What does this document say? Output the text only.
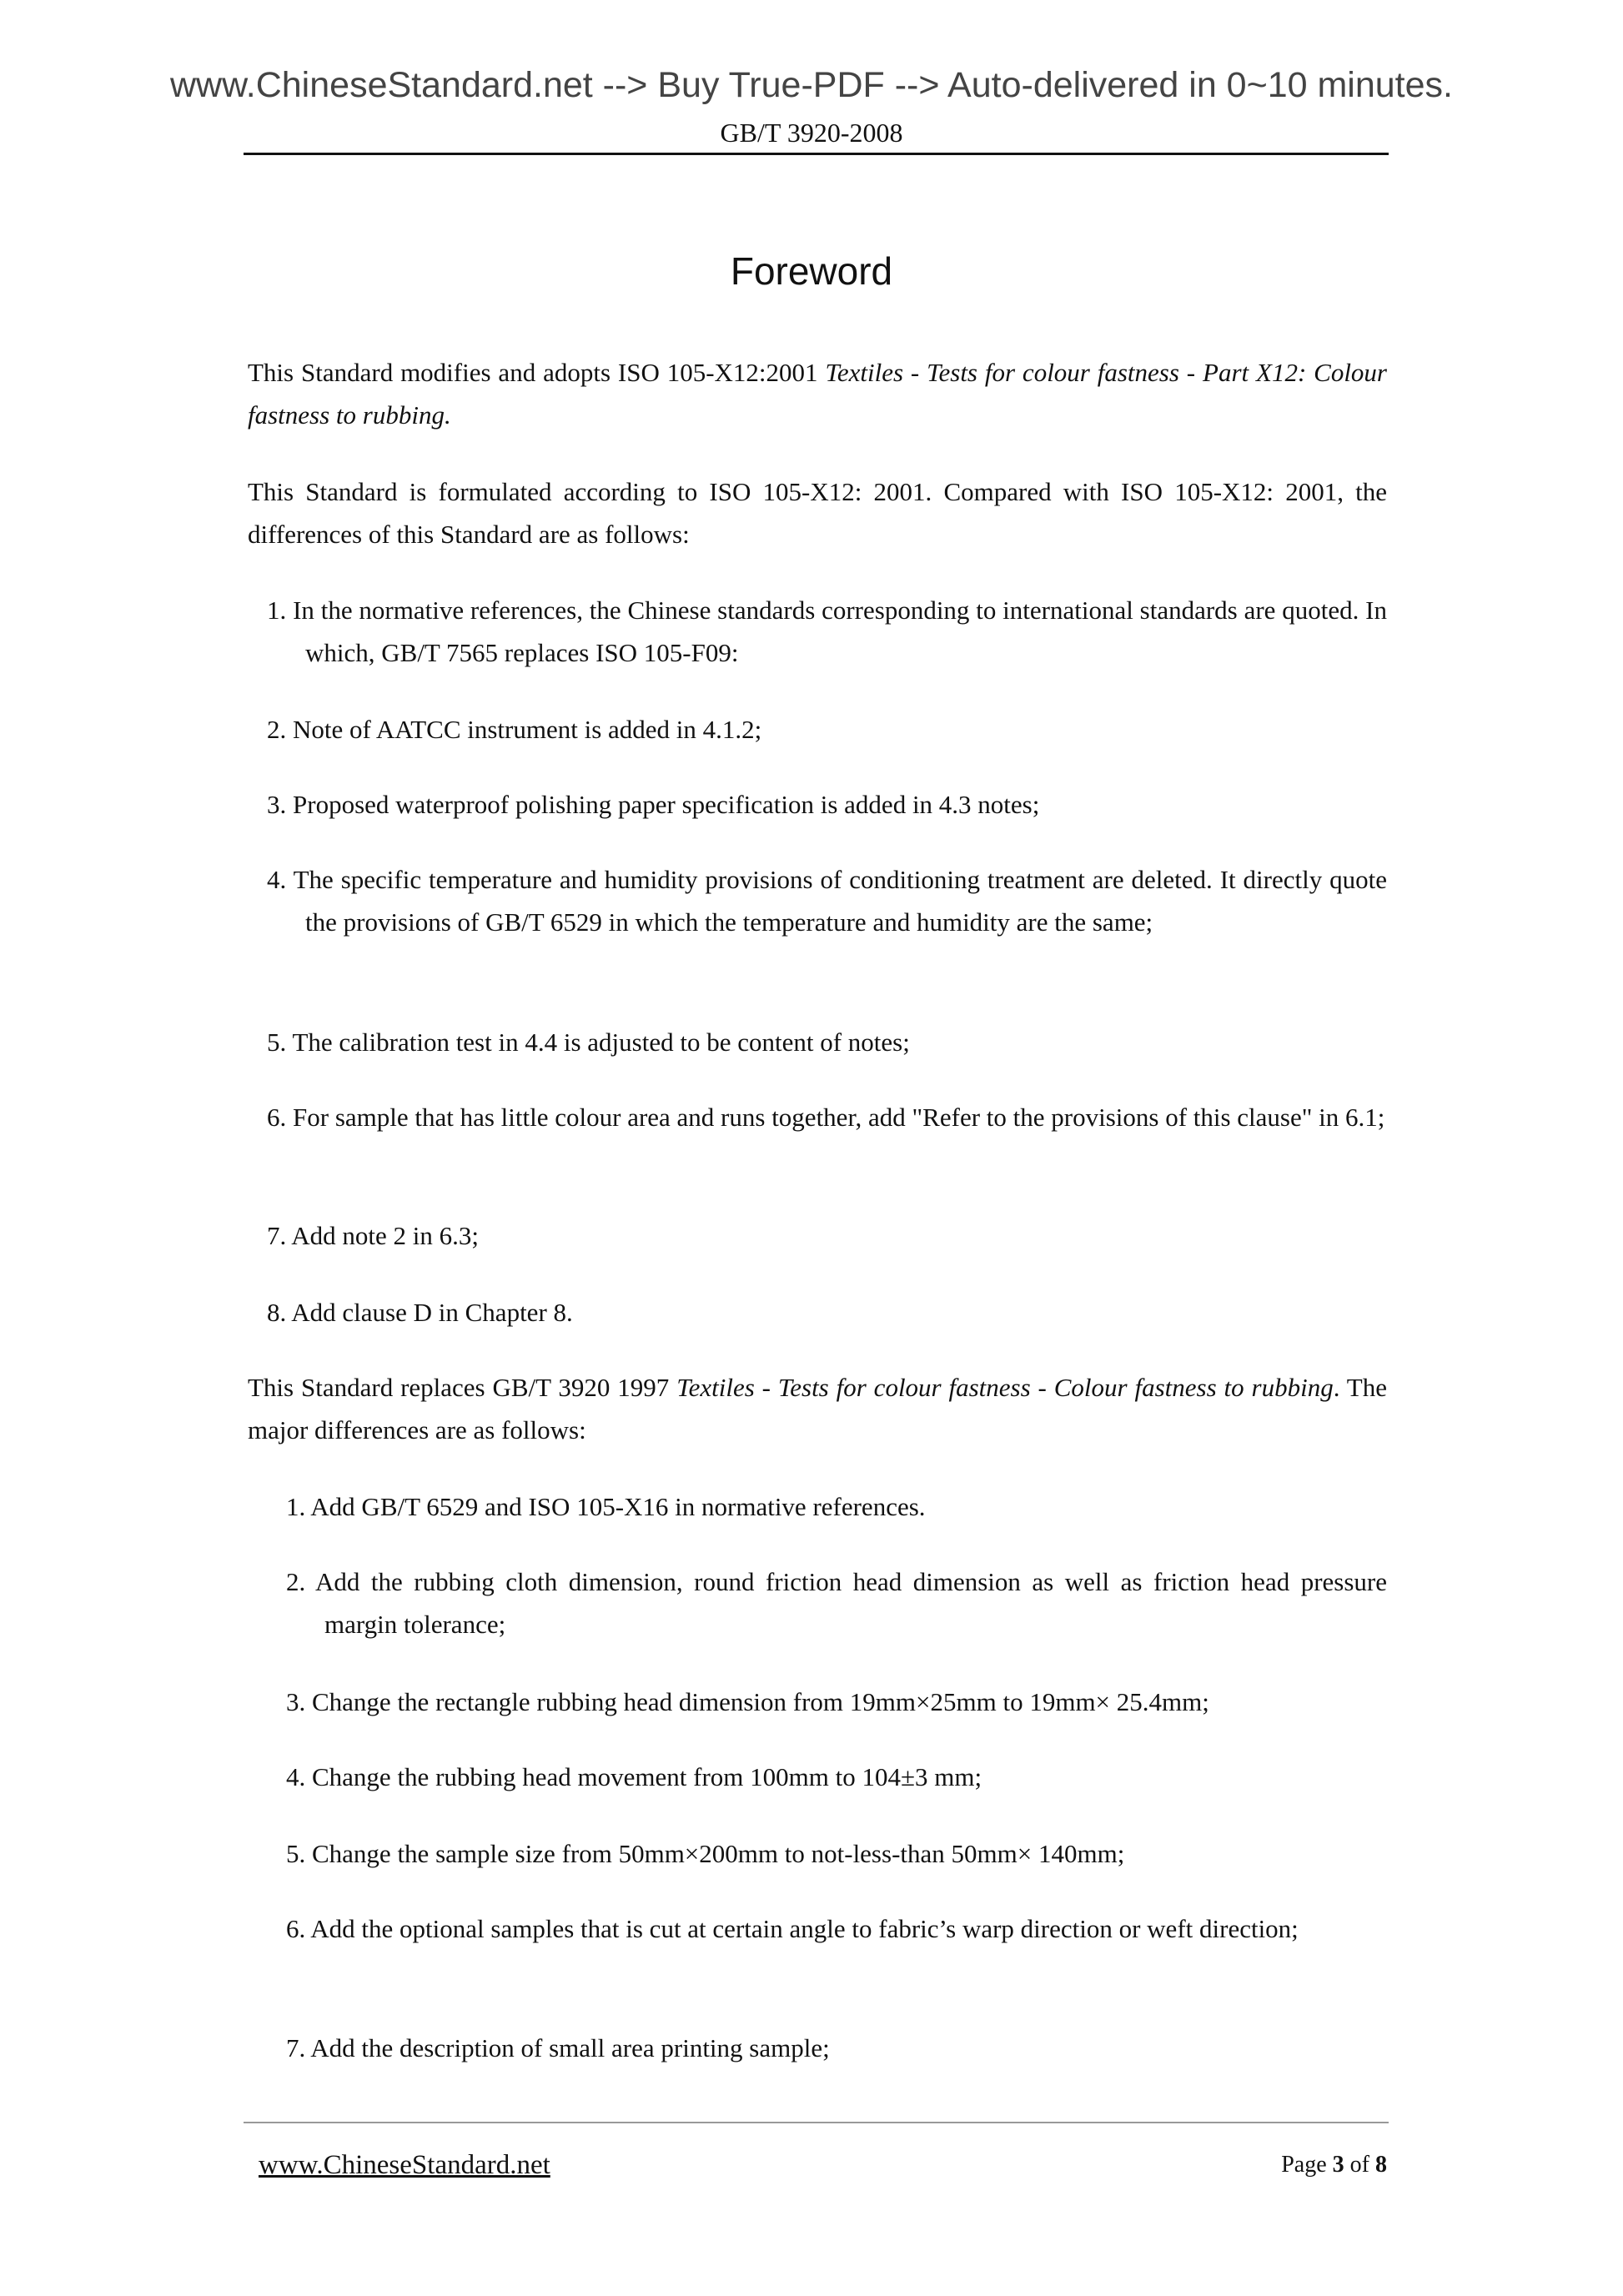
www.ChineseStandard.net --> Buy True-PDF --> Auto-delivered in 0~10 minutes.
GB/T 3920-2008
Foreword

This Standard modifies and adopts ISO 105-X12:2001 Textiles - Tests for colour fastness - Part X12: Colour fastness to rubbing.

This Standard is formulated according to ISO 105-X12: 2001. Compared with ISO 105-X12: 2001, the differences of this Standard are as follows:

1. In the normative references, the Chinese standards corresponding to international standards are quoted. In which, GB/T 7565 replaces ISO 105-F09:

2. Note of AATCC instrument is added in 4.1.2;

3. Proposed waterproof polishing paper specification is added in 4.3 notes;

4. The specific temperature and humidity provisions of conditioning treatment are deleted. It directly quote the provisions of GB/T 6529 in which the temperature and humidity are the same;

5. The calibration test in 4.4 is adjusted to be content of notes;

6. For sample that has little colour area and runs together, add "Refer to the provisions of this clause" in 6.1;

7. Add note 2 in 6.3;

8. Add clause D in Chapter 8.

This Standard replaces GB/T 3920 1997 Textiles - Tests for colour fastness - Colour fastness to rubbing. The major differences are as follows:

1. Add GB/T 6529 and ISO 105-X16 in normative references.

2. Add the rubbing cloth dimension, round friction head dimension as well as friction head pressure margin tolerance;

3. Change the rectangle rubbing head dimension from 19mm×25mm to 19mm× 25.4mm;

4. Change the rubbing head movement from 100mm to 104±3 mm;

5. Change the sample size from 50mm×200mm to not-less-than 50mm× 140mm;

6. Add the optional samples that is cut at certain angle to fabric’s warp direction or weft direction;

7. Add the description of small area printing sample;

www.ChineseStandard.net	Page 3 of 8
